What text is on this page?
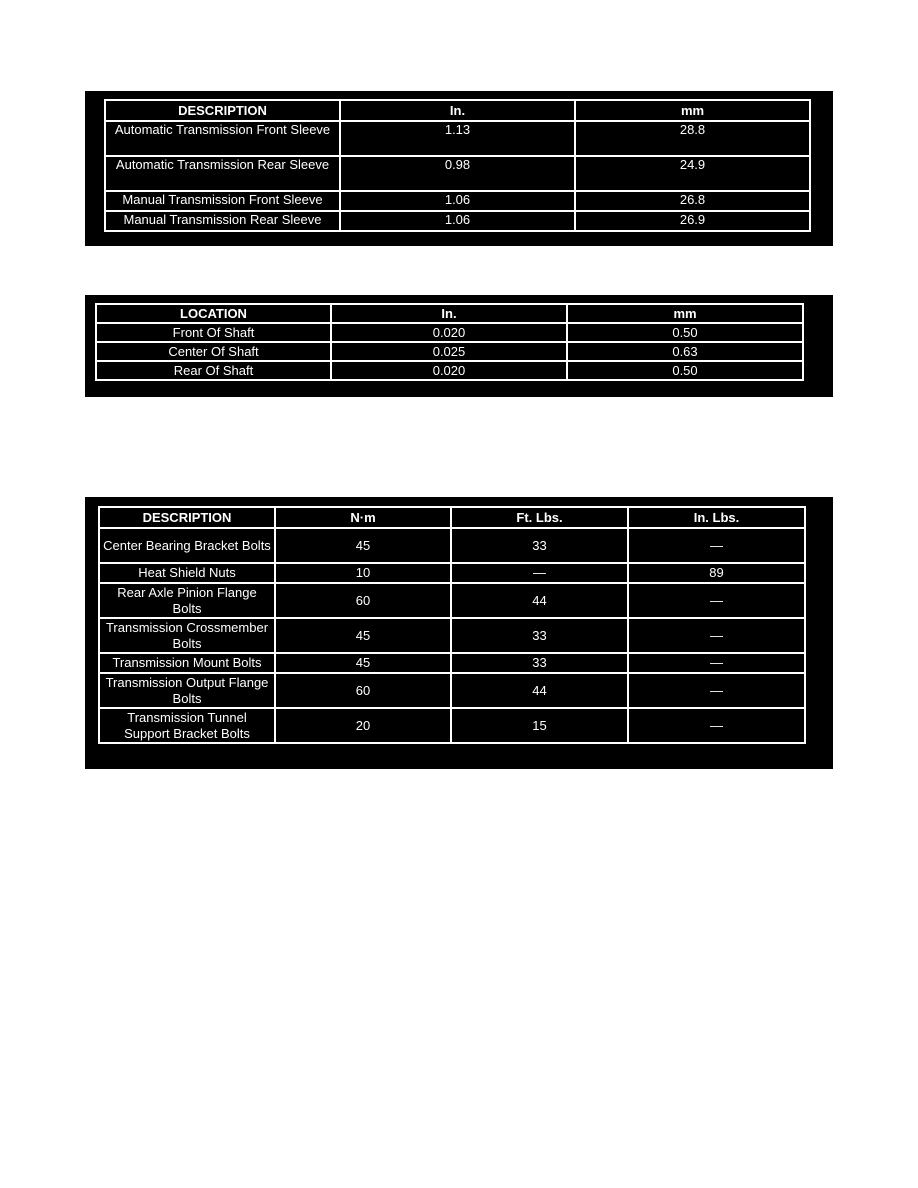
DESCRIPTION	In.	mm
Automatic Transmission Front Sleeve	1.13	28.8
Automatic Transmission Rear Sleeve	0.98	24.9
Manual Transmission Front Sleeve	1.06	26.8
Manual Transmission Rear Sleeve	1.06	26.9
LOCATION	In.	mm
Front Of Shaft	0.020	0.50
Center Of Shaft	0.025	0.63
Rear Of Shaft	0.020	0.50
DESCRIPTION	N·m	Ft. Lbs.	In. Lbs.
Center Bearing Bracket Bolts	45	33	—
Heat Shield Nuts	10	—	89
Rear Axle Pinion Flange Bolts	60	44	—
Transmission Crossmember Bolts	45	33	—
Transmission Mount Bolts	45	33	—
Transmission Output Flange Bolts	60	44	—
Transmission Tunnel Support Bracket Bolts	20	15	—
